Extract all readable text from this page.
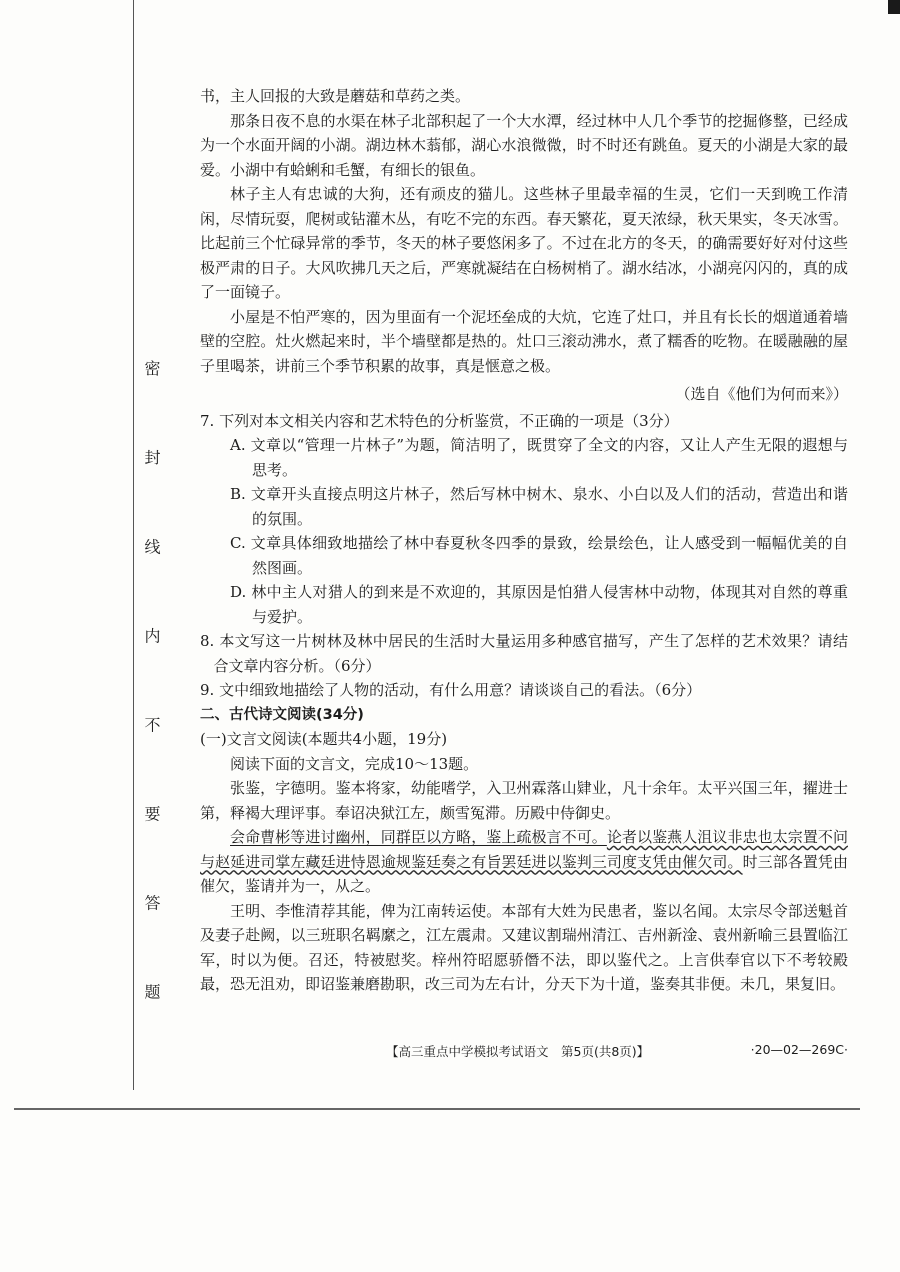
密 封 线 内 不 要 答 题

书，主人回报的大致是蘑菇和草药之类。

那条日夜不息的水渠在林子北部积起了一个大水潭，经过林中人几个季节的挖掘修整，已经成为一个水面开阔的小湖。湖边林木蓊郁，湖心水浪微微，时不时还有跳鱼。夏天的小湖是大家的最爱。小湖中有蛤蜊和毛蟹，有细长的银鱼。

林子主人有忠诚的大狗，还有顽皮的猫儿。这些林子里最幸福的生灵，它们一天到晚工作清闲，尽情玩耍，爬树或钻灌木丛，有吃不完的东西。春天繁花，夏天浓绿，秋天果实，冬天冰雪。比起前三个忙碌异常的季节，冬天的林子要悠闲多了。不过在北方的冬天，的确需要好好对付这些极严肃的日子。大风吹拂几天之后，严寒就凝结在白杨树梢了。湖水结冰，小湖亮闪闪的，真的成了一面镜子。

小屋是不怕严寒的，因为里面有一个泥坯垒成的大炕，它连了灶口，并且有长长的烟道通着墙壁的空腔。灶火燃起来时，半个墙壁都是热的。灶口三滚动沸水，煮了糯香的吃物。在暖融融的屋子里喝茶，讲前三个季节积累的故事，真是惬意之极。

（选自《他们为何而来》）

7. 下列对本文相关内容和艺术特色的分析鉴赏，不正确的一项是（3分）

A. 文章以“管理一片林子”为题，简洁明了，既贯穿了全文的内容，又让人产生无限的遐想与思考。

B. 文章开头直接点明这片林子，然后写林中树木、泉水、小白以及人们的活动，营造出和谐的氛围。

C. 文章具体细致地描绘了林中春夏秋冬四季的景致，绘景绘色，让人感受到一幅幅优美的自然图画。

D. 林中主人对猎人的到来是不欢迎的，其原因是怕猎人侵害林中动物，体现其对自然的尊重与爱护。

8. 本文写这一片树林及林中居民的生活时大量运用多种感官描写，产生了怎样的艺术效果？请结合文章内容分析。（6分）

9. 文中细致地描绘了人物的活动，有什么用意？请谈谈自己的看法。（6分）

二、古代诗文阅读(34分)

(一)文言文阅读(本题共4小题，19分)

阅读下面的文言文，完成10～13题。

张鉴，字德明。鉴本将家，幼能嗜学，入卫州霖落山肄业，凡十余年。太平兴国三年，擢进士第，释褐大理评事。奉诏决狱江左，颇雪冤滞。历殿中侍御史。

会命曹彬等进讨幽州，同群臣以方略，鉴上疏极言不可。论者以鉴燕人沮议非忠也太宗置不问与赵延进司掌左藏廷进恃恩逾规鉴廷奏之有旨罢廷进以鉴判三司度支凭由催欠司。时三部各置凭由催欠，鉴请并为一，从之。

王明、李惟清荐其能，俾为江南转运使。本部有大姓为民患者，鉴以名闻。太宗尽令部送魁首及妻子赴阙，以三班职名羁縻之，江左震肃。又建议割瑞州清江、吉州新淦、袁州新喻三县置临江军，时以为便。召还，特被慰奖。梓州符昭愿骄僭不法，即以鉴代之。上言供奉官以下不考较殿最，恐无沮劝，即诏鉴兼磨勘职，改三司为左右计，分天下为十道，鉴奏其非便。未几，果复旧。

【高三重点中学模拟考试语文　第5页(共8页)】	·20—02—269C·
